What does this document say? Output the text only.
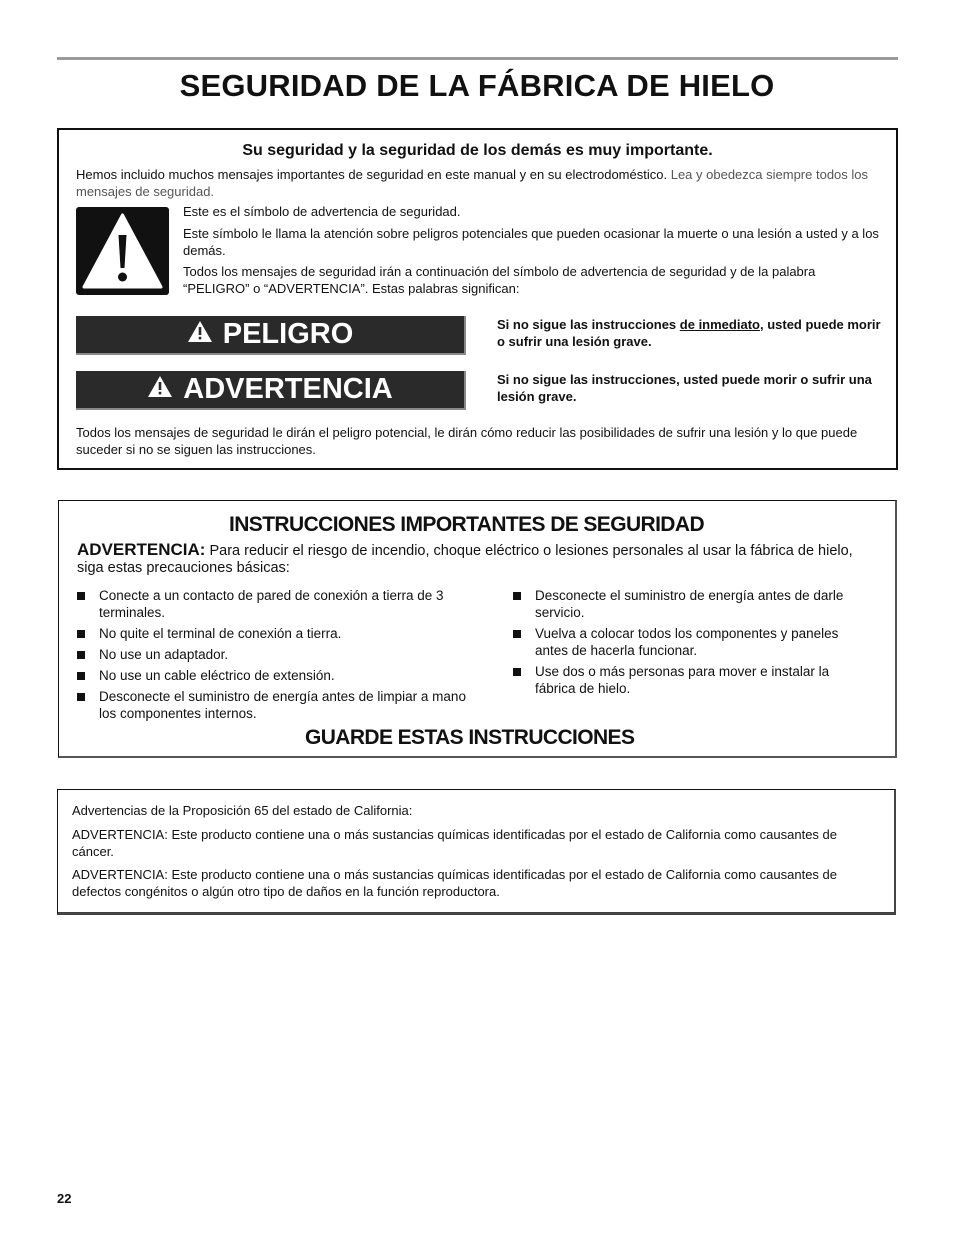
SEGURIDAD DE LA FÁBRICA DE HIELO
Su seguridad y la seguridad de los demás es muy importante.
Hemos incluido muchos mensajes importantes de seguridad en este manual y en su electrodoméstico. Lea y obedezca siempre todos los mensajes de seguridad.
Este es el símbolo de advertencia de seguridad.
Este símbolo le llama la atención sobre peligros potenciales que pueden ocasionar la muerte o una lesión a usted y a los demás.
Todos los mensajes de seguridad irán a continuación del símbolo de advertencia de seguridad y de la palabra “PELIGRO” o “ADVERTENCIA”. Estas palabras significan:
PELIGRO	Si no sigue las instrucciones de inmediato, usted puede morir o sufrir una lesión grave.
ADVERTENCIA	Si no sigue las instrucciones, usted puede morir o sufrir una lesión grave.
Todos los mensajes de seguridad le dirán el peligro potencial, le dirán cómo reducir las posibilidades de sufrir una lesión y lo que puede suceder si no se siguen las instrucciones.
INSTRUCCIONES IMPORTANTES DE SEGURIDAD
ADVERTENCIA: Para reducir el riesgo de incendio, choque eléctrico o lesiones personales al usar la fábrica de hielo, siga estas precauciones básicas:
Conecte a un contacto de pared de conexión a tierra de 3 terminales.
No quite el terminal de conexión a tierra.
No use un adaptador.
No use un cable eléctrico de extensión.
Desconecte el suministro de energía antes de limpiar a mano los componentes internos.
Desconecte el suministro de energía antes de darle servicio.
Vuelva a colocar todos los componentes y paneles antes de hacerla funcionar.
Use dos o más personas para mover e instalar la fábrica de hielo.
GUARDE ESTAS INSTRUCCIONES

Advertencias de la Proposición 65 del estado de California:

ADVERTENCIA: Este producto contiene una o más sustancias químicas identificadas por el estado de California como causantes de cáncer.

ADVERTENCIA: Este producto contiene una o más sustancias químicas identificadas por el estado de California como causantes de defectos congénitos o algún otro tipo de daños en la función reproductora.

22
